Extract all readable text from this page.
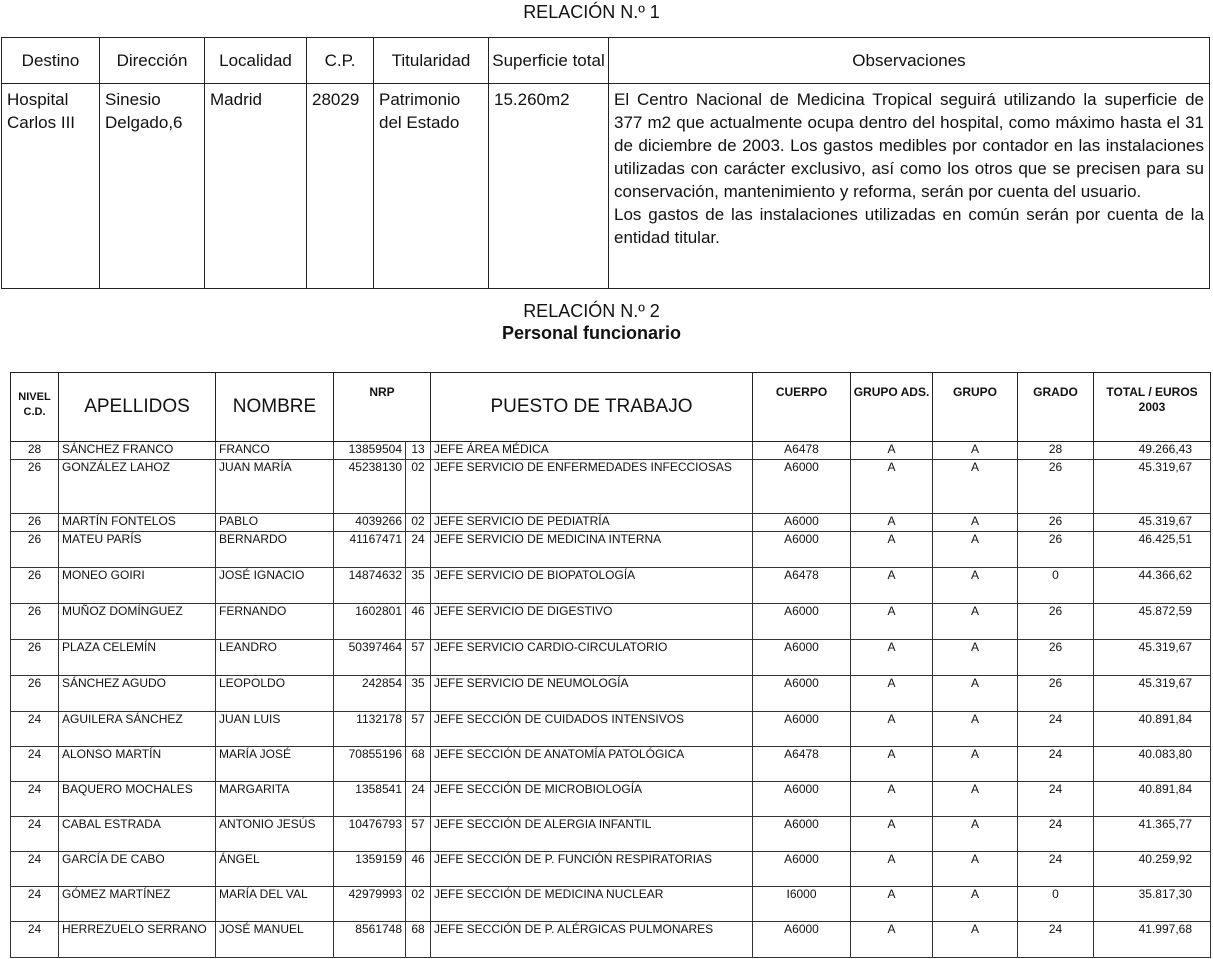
RELACIÓN N.º 1
Destino	Dirección	Localidad	C.P.	Titularidad	Superficie total	Observaciones
Hospital Carlos III	Sinesio Delgado,6	Madrid	28029	Patrimonio del Estado	15.260m2	El Centro Nacional de Medicina Tropical seguirá utilizando la superficie de 377 m2 que actualmente ocupa dentro del hospital, como máximo hasta el 31 de diciembre de 2003. Los gastos medibles por contador en las instalaciones utilizadas con carácter exclusivo, así como los otros que se precisen para su conservación, mantenimiento y reforma, serán por cuenta del usuario.
Los gastos de las instalaciones utilizadas en común serán por cuenta de la entidad titular.
RELACIÓN N.º 2
Personal funcionario
NIVEL C.D.	APELLIDOS	NOMBRE	NRP		PUESTO DE TRABAJO	CUERPO	GRUPO ADS.	GRUPO	GRADO	TOTAL / EUROS 2003
28	SÁNCHEZ FRANCO	FRANCO	13859504	13	JEFE ÁREA MÉDICA	A6478	A	A	28	49.266,43
26	GONZÁLEZ LAHOZ	JUAN MARÍA	45238130	02	JEFE SERVICIO DE ENFERMEDADES INFECCIOSAS	A6000	A	A	26	45.319,67
26	MARTÍN FONTELOS	PABLO	4039266	02	JEFE SERVICIO DE PEDIATRÍA	A6000	A	A	26	45.319,67
26	MATEU PARÍS	BERNARDO	41167471	24	JEFE SERVICIO DE MEDICINA INTERNA	A6000	A	A	26	46.425,51
26	MONEO GOIRI	JOSÉ IGNACIO	14874632	35	JEFE SERVICIO DE BIOPATOLOGÍA	A6478	A	A	0	44.366,62
26	MUÑOZ DOMÍNGUEZ	FERNANDO	1602801	46	JEFE SERVICIO DE DIGESTIVO	A6000	A	A	26	45.872,59
26	PLAZA CELEMÍN	LEANDRO	50397464	57	JEFE SERVICIO CARDIO-CIRCULATORIO	A6000	A	A	26	45.319,67
26	SÁNCHEZ AGUDO	LEOPOLDO	242854	35	JEFE SERVICIO DE NEUMOLOGÍA	A6000	A	A	26	45.319,67
24	AGUILERA SÁNCHEZ	JUAN LUIS	1132178	57	JEFE SECCIÓN DE CUIDADOS INTENSIVOS	A6000	A	A	24	40.891,84
24	ALONSO MARTÍN	MARÍA JOSÉ	70855196	68	JEFE SECCIÓN DE ANATOMÍA PATOLÓGICA	A6478	A	A	24	40.083,80
24	BAQUERO MOCHALES	MARGARITA	1358541	24	JEFE SECCIÓN DE MICROBIOLOGÍA	A6000	A	A	24	40.891,84
24	CABAL ESTRADA	ANTONIO JESÚS	10476793	57	JEFE SECCIÓN DE ALERGIA INFANTIL	A6000	A	A	24	41.365,77
24	GARCÍA DE CABO	ÁNGEL	1359159	46	JEFE SECCIÓN DE P. FUNCIÓN RESPIRATORIAS	A6000	A	A	24	40.259,92
24	GÓMEZ MARTÍNEZ	MARÍA DEL VAL	42979993	02	JEFE SECCIÓN DE MEDICINA NUCLEAR	I6000	A	A	0	35.817,30
24	HERREZUELO SERRANO	JOSÉ MANUEL	8561748	68	JEFE SECCIÓN DE P. ALÉRGICAS PULMONARES	A6000	A	A	24	41.997,68
